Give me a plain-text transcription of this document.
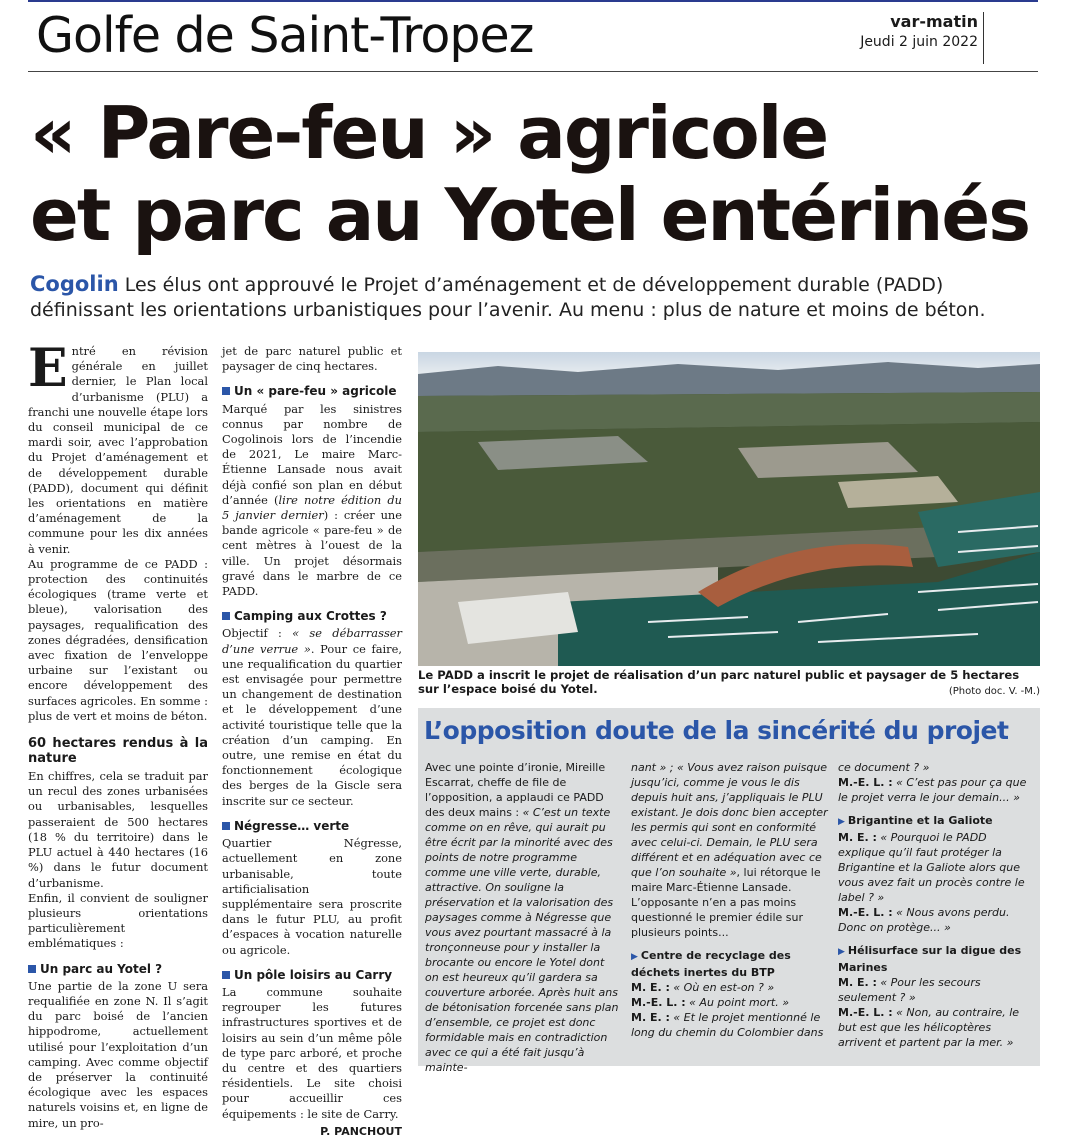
Golfe de Saint-Tropez	var-matin
Jeudi 2 juin 2022
« Pare-feu » agricole
et parc au Yotel entérinés
Cogolin Les élus ont approuvé le Projet d’aménagement et de développement durable (PADD) définissant les orientations urbanistiques pour l’avenir. Au menu : plus de nature et moins de béton.

Entré en révision générale en juillet dernier, le Plan local d’urbanisme (PLU) a franchi une nouvelle étape lors du conseil municipal de ce mardi soir, avec l’approbation du Projet d’aménagement et de développement durable (PADD), document qui définit les orientations en matière d’aménagement de la commune pour les dix années à venir.

Au programme de ce PADD : protection des continuités écologiques (trame verte et bleue), valorisation des paysages, requalification des zones dégradées, densification avec fixation de l’enveloppe urbaine sur l’existant ou encore développement des surfaces agricoles. En somme : plus de vert et moins de béton.

60 hectares rendus à la nature

En chiffres, cela se traduit par un recul des zones urbanisées ou urbanisables, lesquelles passeraient de 500 hectares (18 % du territoire) dans le PLU actuel à 440 hectares (16 %) dans le futur document d’urbanisme.

Enfin, il convient de souligner plusieurs orientations particulièrement emblématiques :

Un parc au Yotel ?

Une partie de la zone U sera requalifiée en zone N. Il s’agit du parc boisé de l’ancien hippodrome, actuellement utilisé pour l’exploitation d’un camping. Avec comme objectif de préserver la continuité écologique avec les espaces naturels voisins et, en ligne de mire, un pro-

jet de parc naturel public et paysager de cinq hectares.

Un « pare-feu » agricole

Marqué par les sinistres connus par nombre de Cogolinois lors de l’incendie de 2021, Le maire Marc-Étienne Lansade nous avait déjà confié son plan en début d’année (lire notre édition du 5 janvier dernier) : créer une bande agricole « pare-feu » de cent mètres à l’ouest de la ville. Un projet désormais gravé dans le marbre de ce PADD.

Camping aux Crottes ?

Objectif : « se débarrasser d’une verrue ». Pour ce faire, une requalification du quartier est envisagée pour permettre un changement de destination et le développement d’une activité touristique telle que la création d’un camping. En outre, une remise en état du fonctionnement écologique des berges de la Giscle sera inscrite sur ce secteur.

Négresse… verte

Quartier Négresse, actuellement en zone urbanisable, toute artificialisation supplémentaire sera proscrite dans le futur PLU, au profit d’espaces à vocation naturelle ou agricole.

Un pôle loisirs au Carry

La commune souhaite regrouper les futures infrastructures sportives et de loisirs au sein d’un même pôle de type parc arboré, et proche du centre et des quartiers résidentiels. Le site choisi pour accueillir ces équipements : le site de Carry.

P. PANCHOUT
Le PADD a inscrit le projet de réalisation d’un parc naturel public et paysager de 5 hectares sur l’espace boisé du Yotel.	(Photo doc. V. -M.)
L’opposition doute de la sincérité du projet

Avec une pointe d’ironie, Mireille Escarrat, cheffe de file de l’opposition, a applaudi ce PADD des deux mains : « C’est un texte comme on en rêve, qui aurait pu être écrit par la minorité avec des points de notre programme comme une ville verte, durable, attractive. On souligne la préservation et la valorisation des paysages comme à Négresse que vous avez pourtant massacré à la tronçonneuse pour y installer la brocante ou encore le Yotel dont on est heureux qu’il gardera sa couverture arborée. Après huit ans de bétonisation forcenée sans plan d’ensemble, ce projet est donc formidable mais en contradiction avec ce qui a été fait jusqu’à mainte-

nant » ; « Vous avez raison puisque jusqu’ici, comme je vous le dis depuis huit ans, j’appliquais le PLU existant. Je dois donc bien accepter les permis qui sont en conformité avec celui-ci. Demain, le PLU sera différent et en adéquation avec ce que l’on souhaite », lui rétorque le maire Marc-Étienne Lansade.

L’opposante n’en a pas moins questionné le premier édile sur plusieurs points...

▶ Centre de recyclage des déchets inertes du BTP

M. E. : « Où en est-on ? »

M.-E. L. : « Au point mort. »

M. E. : « Et le projet mentionné le long du chemin du Colombier dans

ce document ? »

M.-E. L. : « C’est pas pour ça que le projet verra le jour demain... »

▶ Brigantine et la Galiote

M. E. : « Pourquoi le PADD explique qu’il faut protéger la Brigantine et la Galiote alors que vous avez fait un procès contre le label ? »

M.-E. L. : « Nous avons perdu. Donc on protège... »

▶ Hélisurface sur la digue des Marines

M. E. : « Pour les secours seulement ? »

M.-E. L. : « Non, au contraire, le but est que les hélicoptères arrivent et partent par la mer. »
